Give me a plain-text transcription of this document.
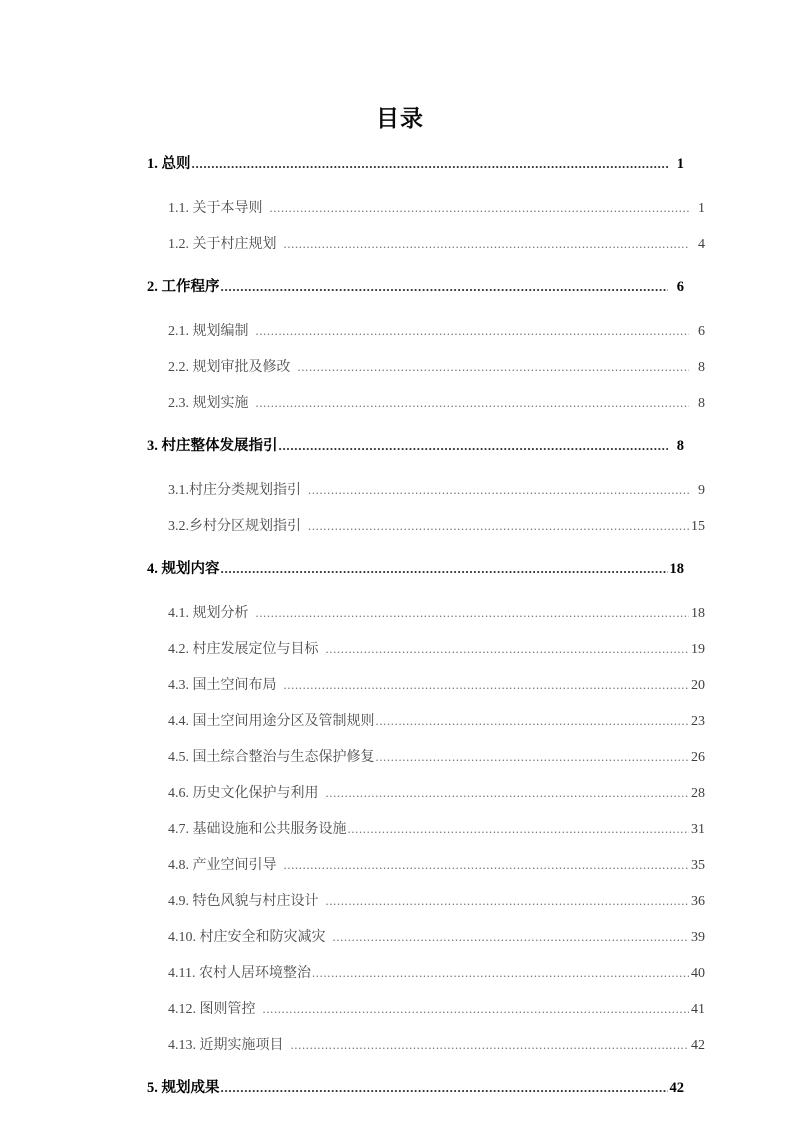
目录
1. 总则 .....	1
1.1. 关于本导则 .....	1
1.2. 关于村庄规划 .....	4
2. 工作程序 .....	6
2.1. 规划编制 .....	6
2.2. 规划审批及修改 .....	8
2.3. 规划实施 .....	8
3. 村庄整体发展指引 .....	8
3.1.村庄分类规划指引 .....	9
3.2.乡村分区规划指引 .....	15
4. 规划内容 .....	18
4.1. 规划分析 .....	18
4.2. 村庄发展定位与目标 .....	19
4.3. 国土空间布局 .....	20
4.4. 国土空间用途分区及管制规则 .....	23
4.5. 国土综合整治与生态保护修复 .....	26
4.6. 历史文化保护与利用 .....	28
4.7. 基础设施和公共服务设施 .....	31
4.8. 产业空间引导 .....	35
4.9. 特色风貌与村庄设计 .....	36
4.10. 村庄安全和防灾减灾 .....	39
4.11. 农村人居环境整治 .....	40
4.12. 图则管控 .....	41
4.13. 近期实施项目 .....	42
5. 规划成果 .....	42
